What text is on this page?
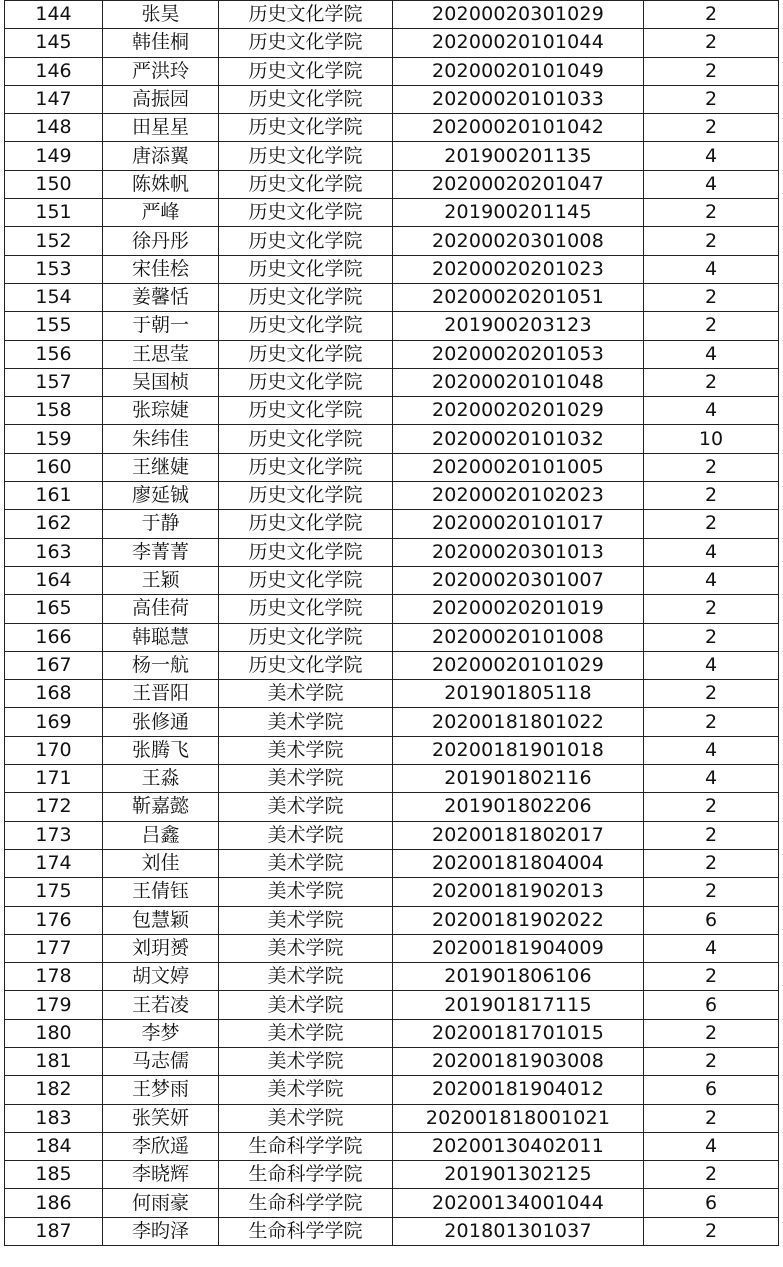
144	张昊	历史文化学院	20200020301029	2
145	韩佳桐	历史文化学院	20200020101044	2
146	严洪玲	历史文化学院	20200020101049	2
147	高振园	历史文化学院	20200020101033	2
148	田星星	历史文化学院	20200020101042	2
149	唐添翼	历史文化学院	201900201135	4
150	陈姝帆	历史文化学院	20200020201047	4
151	严峰	历史文化学院	201900201145	2
152	徐丹彤	历史文化学院	20200020301008	2
153	宋佳桧	历史文化学院	20200020201023	4
154	姜馨恬	历史文化学院	20200020201051	2
155	于朝一	历史文化学院	201900203123	2
156	王思莹	历史文化学院	20200020201053	4
157	吴国桢	历史文化学院	20200020101048	2
158	张琮婕	历史文化学院	20200020201029	4
159	朱纬佳	历史文化学院	20200020101032	10
160	王继婕	历史文化学院	20200020101005	2
161	廖延铖	历史文化学院	20200020102023	2
162	于静	历史文化学院	20200020101017	2
163	李菁菁	历史文化学院	20200020301013	4
164	王颖	历史文化学院	20200020301007	4
165	高佳荷	历史文化学院	20200020201019	2
166	韩聪慧	历史文化学院	20200020101008	2
167	杨一航	历史文化学院	20200020101029	4
168	王晋阳	美术学院	201901805118	2
169	张修通	美术学院	20200181801022	2
170	张腾飞	美术学院	20200181901018	4
171	王淼	美术学院	201901802116	4
172	靳嘉懿	美术学院	201901802206	2
173	吕鑫	美术学院	20200181802017	2
174	刘佳	美术学院	20200181804004	2
175	王倩钰	美术学院	20200181902013	2
176	包慧颖	美术学院	20200181902022	6
177	刘玥赟	美术学院	20200181904009	4
178	胡文婷	美术学院	201901806106	2
179	王若凌	美术学院	201901817115	6
180	李梦	美术学院	20200181701015	2
181	马志儒	美术学院	20200181903008	2
182	王梦雨	美术学院	20200181904012	6
183	张笑妍	美术学院	202001818001021	2
184	李欣遥	生命科学学院	20200130402011	4
185	李晓辉	生命科学学院	201901302125	2
186	何雨豪	生命科学学院	20200134001044	6
187	李昀泽	生命科学学院	201801301037	2
